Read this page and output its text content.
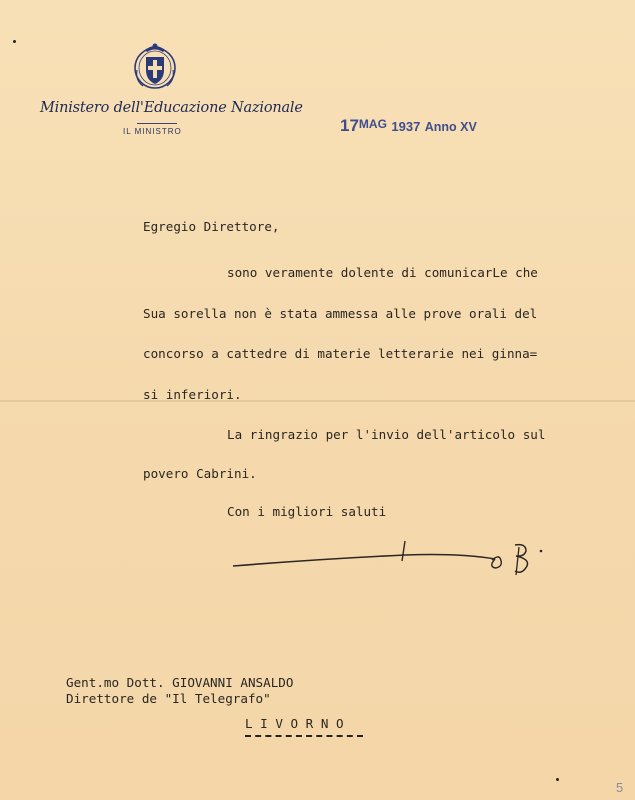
Ministero dell'Educazione Nazionale
IL MINISTRO	17MAG 1937 Anno XV
Egregio Direttore,
sono veramente dolente di comunicarLe che
Sua sorella non è stata ammessa alle prove orali del
concorso a cattedre di materie letterarie nei ginna=
si inferiori.
La ringrazio per l'invio dell'articolo sul
povero Cabrini.
Con i migliori saluti
Gent.mo Dott. GIOVANNI ANSALDO
Direttore de "Il Telegrafo"
L I V O R N O
5
